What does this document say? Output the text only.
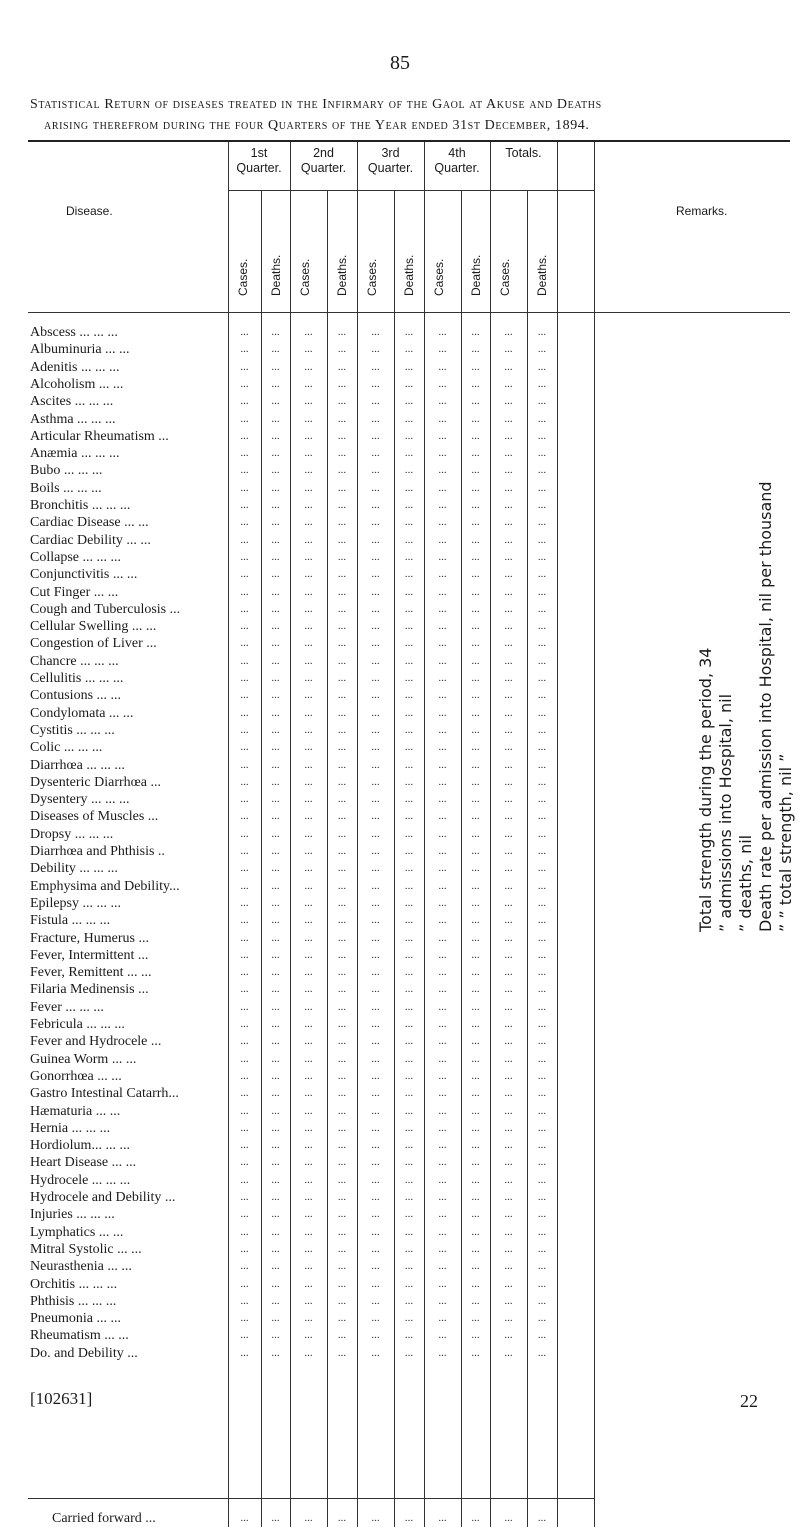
85
Statistical Return of diseases treated in the Infirmary of the Gaol at Akuse and Deaths
arising therefrom during the four Quarters of the Year ended 31st December, 1894.
Disease.	Remarks.
Carried forward ...	...	...	...	...	...	...	...	...	...	...
Total strength during the period, 34 ” admissions into Hospital, nil ” deaths, nil Death rate per admission into Hospital, nil per thousand ” ” total strength, nil ”
1st
Quarter.
Cases. Deaths.
2nd
Quarter.
Cases. Deaths.
3rd
Quarter.
Cases. Deaths.
4th
Quarter.
Cases. Deaths.
Totals.
Cases. Deaths.
Abscess ... ... ...	...	...	...	...	...	...	...	...	...	...
Albuminuria ... ...	...	...	...	...	...	...	...	...	...	...
Adenitis ... ... ...	...	...	...	...	...	...	...	...	...	...
Alcoholism ... ...	...	...	...	...	...	...	...	...	...	...
Ascites ... ... ...	...	...	...	...	...	...	...	...	...	...
Asthma ... ... ...	...	...	...	...	...	...	...	...	...	...
Articular Rheumatism ...	...	...	...	...	...	...	...	...	...	...
Anæmia ... ... ...	...	...	...	...	...	...	...	...	...	...
Bubo ... ... ...	...	...	...	...	...	...	...	...	...	...
Boils ... ... ...	...	...	...	...	...	...	...	...	...	...
Bronchitis ... ... ...	...	...	...	...	...	...	...	...	...	...
Cardiac Disease ... ...	...	...	...	...	...	...	...	...	...	...
Cardiac Debility ... ...	...	...	...	...	...	...	...	...	...	...
Collapse ... ... ...	...	...	...	...	...	...	...	...	...	...
Conjunctivitis ... ...	...	...	...	...	...	...	...	...	...	...
Cut Finger ... ...	...	...	...	...	...	...	...	...	...	...
Cough and Tuberculosis ...	...	...	...	...	...	...	...	...	...	...
Cellular Swelling ... ...	...	...	...	...	...	...	...	...	...	...
Congestion of Liver ...	...	...	...	...	...	...	...	...	...	...
Chancre ... ... ...	...	...	...	...	...	...	...	...	...	...
Cellulitis ... ... ...	...	...	...	...	...	...	...	...	...	...
Contusions ... ...	...	...	...	...	...	...	...	...	...	...
Condylomata ... ...	...	...	...	...	...	...	...	...	...	...
Cystitis ... ... ...	...	...	...	...	...	...	...	...	...	...
Colic ... ... ...	...	...	...	...	...	...	...	...	...	...
Diarrhœa ... ... ...	...	...	...	...	...	...	...	...	...	...
Dysenteric Diarrhœa ...	...	...	...	...	...	...	...	...	...	...
Dysentery ... ... ...	...	...	...	...	...	...	...	...	...	...
Diseases of Muscles ...	...	...	...	...	...	...	...	...	...	...
Dropsy ... ... ...	...	...	...	...	...	...	...	...	...	...
Diarrhœa and Phthisis ..	...	...	...	...	...	...	...	...	...	...
Debility ... ... ...	...	...	...	...	...	...	...	...	...	...
Emphysima and Debility...	...	...	...	...	...	...	...	...	...	...
Epilepsy ... ... ...	...	...	...	...	...	...	...	...	...	...
Fistula ... ... ...	...	...	...	...	...	...	...	...	...	...
Fracture, Humerus ...	...	...	...	...	...	...	...	...	...	...
Fever, Intermittent ...	...	...	...	...	...	...	...	...	...	...
Fever, Remittent ... ...	...	...	...	...	...	...	...	...	...	...
Filaria Medinensis ...	...	...	...	...	...	...	...	...	...	...
Fever ... ... ...	...	...	...	...	...	...	...	...	...	...
Febricula ... ... ...	...	...	...	...	...	...	...	...	...	...
Fever and Hydrocele ...	...	...	...	...	...	...	...	...	...	...
Guinea Worm ... ...	...	...	...	...	...	...	...	...	...	...
Gonorrhœa ... ...	...	...	...	...	...	...	...	...	...	...
Gastro Intestinal Catarrh...	...	...	...	...	...	...	...	...	...	...
Hæmaturia ... ...	...	...	...	...	...	...	...	...	...	...
Hernia ... ... ...	...	...	...	...	...	...	...	...	...	...
Hordiolum... ... ...	...	...	...	...	...	...	...	...	...	...
Heart Disease ... ...	...	...	...	...	...	...	...	...	...	...
Hydrocele ... ... ...	...	...	...	...	...	...	...	...	...	...
Hydrocele and Debility ...	...	...	...	...	...	...	...	...	...	...
Injuries ... ... ...	...	...	...	...	...	...	...	...	...	...
Lymphatics ... ...	...	...	...	...	...	...	...	...	...	...
Mitral Systolic ... ...	...	...	...	...	...	...	...	...	...	...
Neurasthenia ... ...	...	...	...	...	...	...	...	...	...	...
Orchitis ... ... ...	...	...	...	...	...	...	...	...	...	...
Phthisis ... ... ...	...	...	...	...	...	...	...	...	...	...
Pneumonia ... ...	...	...	...	...	...	...	...	...	...	...
Rheumatism ... ...	...	...	...	...	...	...	...	...	...	...
Do. and Debility ...	...	...	...	...	...	...	...	...	...	...
[102631]	22
